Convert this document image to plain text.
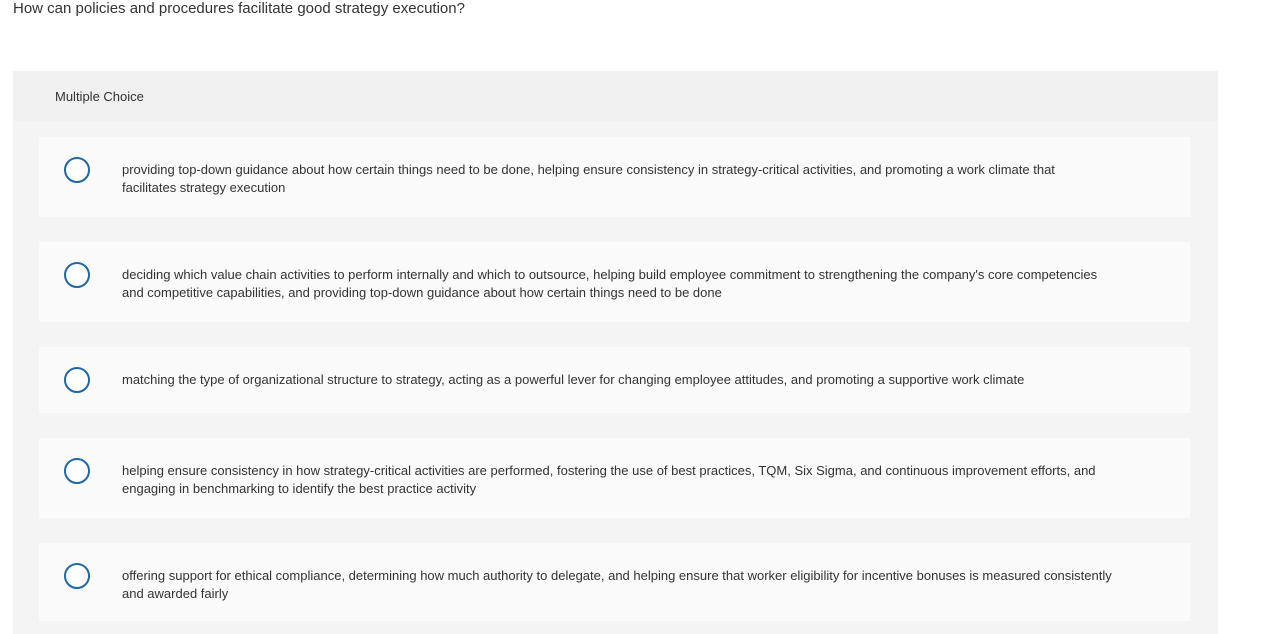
How can policies and procedures facilitate good strategy execution?

Multiple Choice
providing top-down guidance about how certain things need to be done, helping ensure consistency in strategy-critical activities, and promoting a work climate that facilitates strategy execution
deciding which value chain activities to perform internally and which to outsource, helping build employee commitment to strengthening the company's core competencies and competitive capabilities, and providing top-down guidance about how certain things need to be done
matching the type of organizational structure to strategy, acting as a powerful lever for changing employee attitudes, and promoting a supportive work climate
helping ensure consistency in how strategy-critical activities are performed, fostering the use of best practices, TQM, Six Sigma, and continuous improvement efforts, and engaging in benchmarking to identify the best practice activity
offering support for ethical compliance, determining how much authority to delegate, and helping ensure that worker eligibility for incentive bonuses is measured consistently and awarded fairly
